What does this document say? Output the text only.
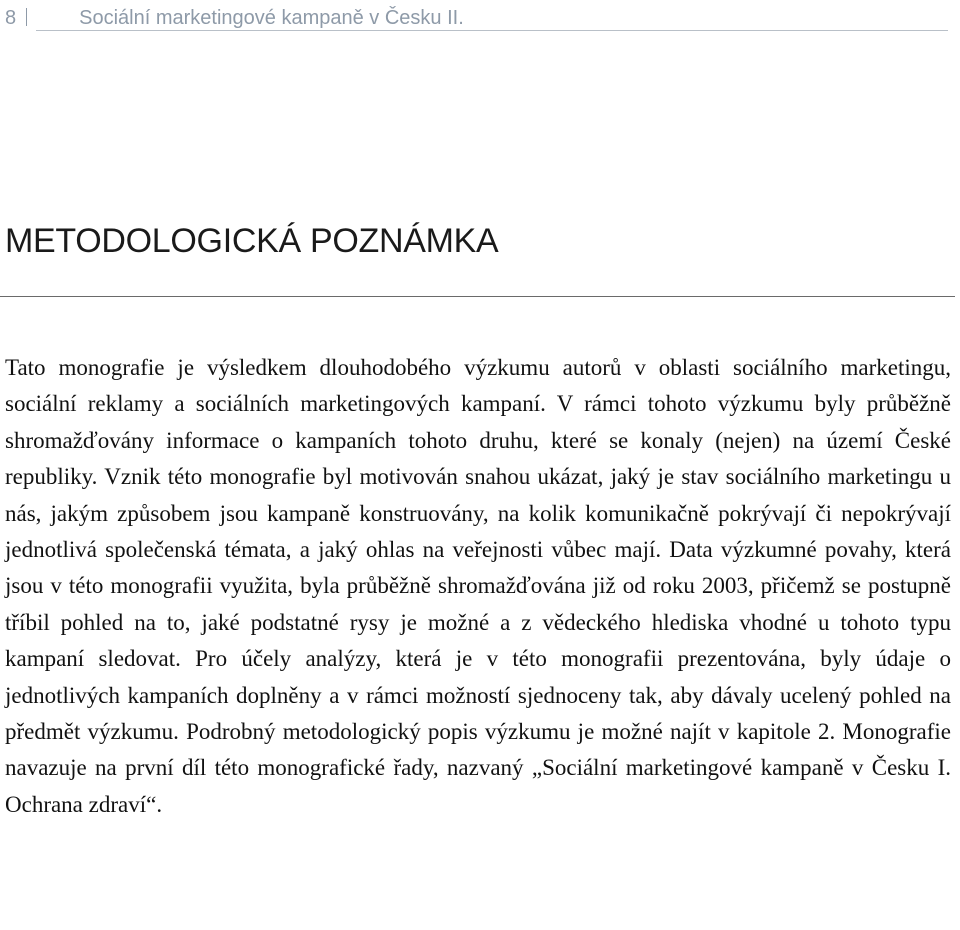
8	Sociální marketingové kampaně v Česku II.
METODOLOGICKÁ POZNÁMKA

Tato monografie je výsledkem dlouhodobého výzkumu autorů v oblasti sociálního marketingu, sociální reklamy a sociálních marketingových kampaní. V rámci tohoto výzkumu byly průběžně shromažďovány informace o kampaních tohoto druhu, které se konaly (nejen) na území České republiky. Vznik této monografie byl motivován snahou ukázat, jaký je stav sociálního marketingu u nás, jakým způsobem jsou kampaně konstruovány, na kolik komunikačně pokrývají či nepokrývají jednotlivá společenská témata, a jaký ohlas na veřejnosti vůbec mají. Data výzkumné povahy, která jsou v této monografii využita, byla průběžně shromažďována již od roku 2003, přičemž se postupně tříbil pohled na to, jaké podstatné rysy je možné a z vědeckého hlediska vhodné u tohoto typu kampaní sledovat. Pro účely analýzy, která je v této monografii prezentována, byly údaje o jednotlivých kampaních doplněny a v rámci možností sjednoceny tak, aby dávaly ucelený pohled na předmět výzkumu. Podrobný metodologický popis výzkumu je možné najít v kapitole 2. Monografie navazuje na první díl této monografické řady, nazvaný „Sociální marketingové kampaně v Česku I. Ochrana zdraví“.
